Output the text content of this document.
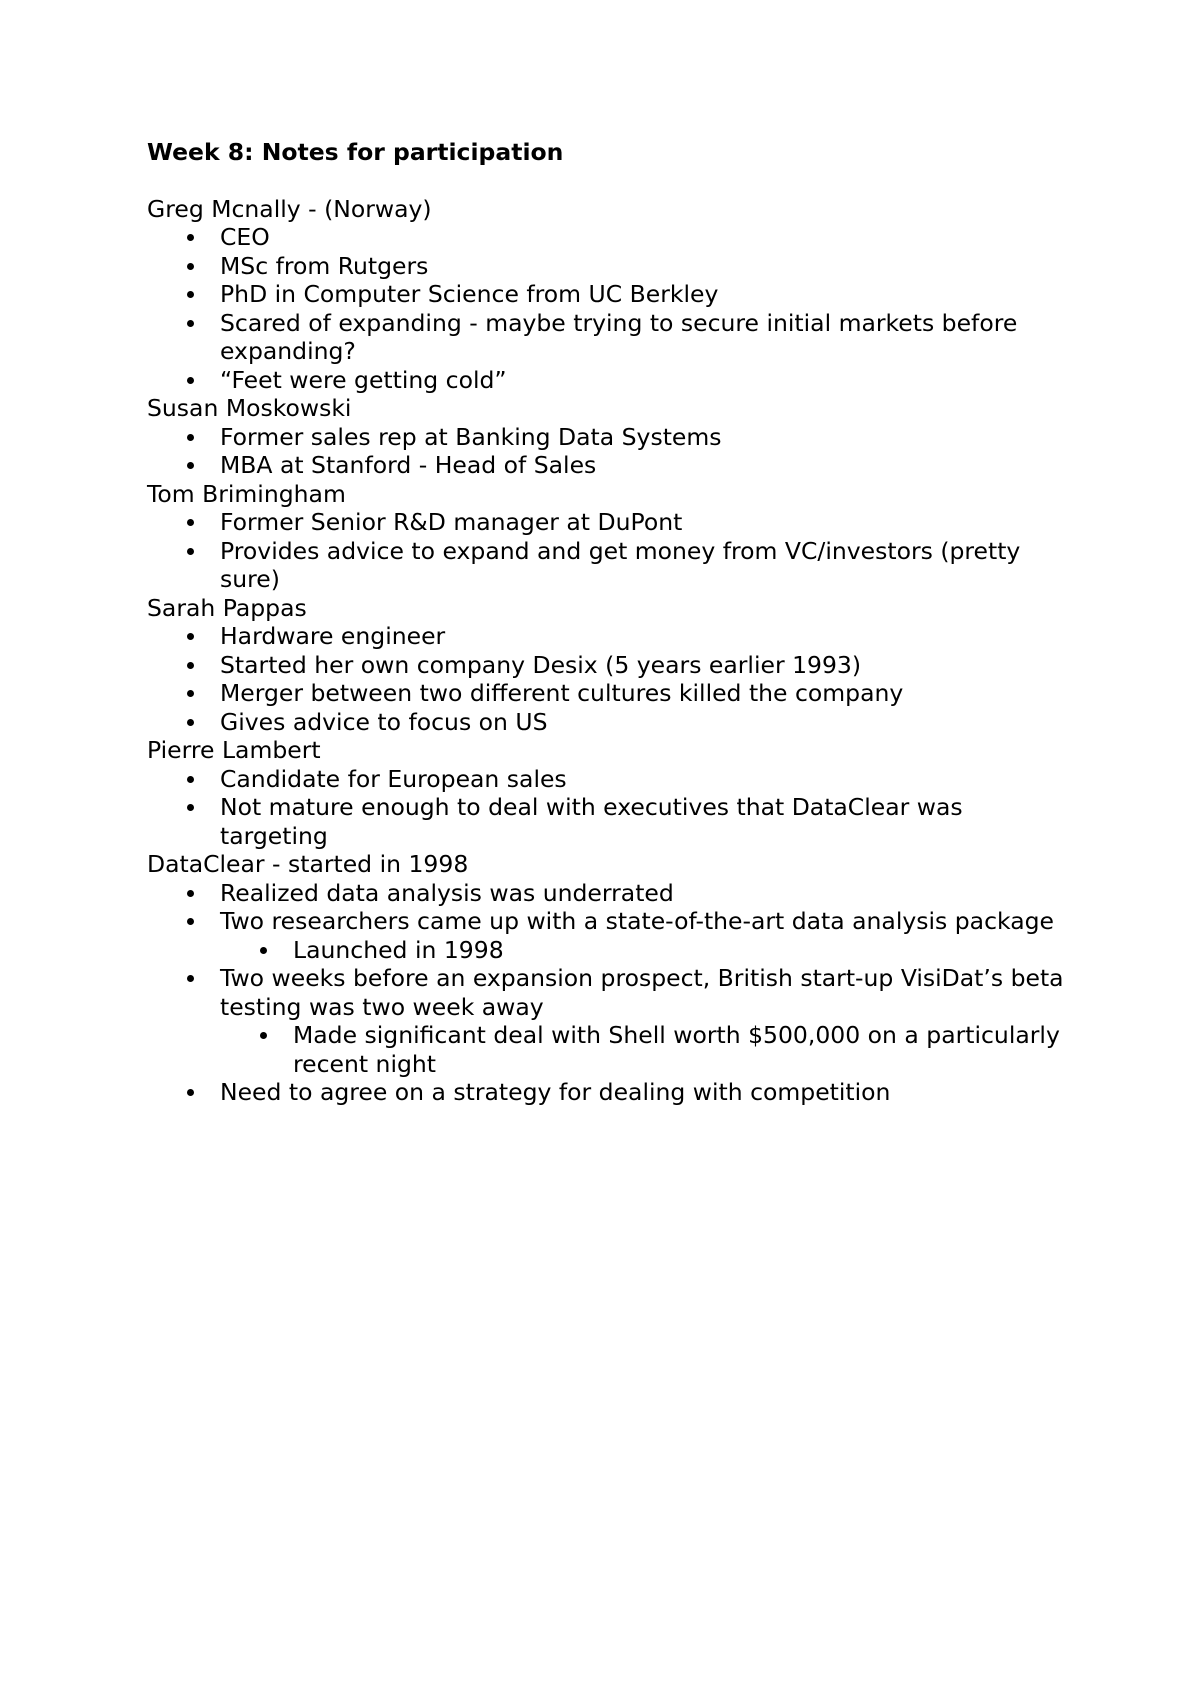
Week 8: Notes for participation
Greg Mcnally - (Norway)
CEO
MSc from Rutgers
PhD in Computer Science from UC Berkley
Scared of expanding - maybe trying to secure initial markets before expanding?
“Feet were getting cold”
Susan Moskowski
Former sales rep at Banking Data Systems
MBA at Stanford - Head of Sales
Tom Brimingham
Former Senior R&D manager at DuPont
Provides advice to expand and get money from VC/investors (pretty sure)
Sarah Pappas
Hardware engineer
Started her own company Desix (5 years earlier 1993)
Merger between two different cultures killed the company
Gives advice to focus on US
Pierre Lambert
Candidate for European sales
Not mature enough to deal with executives that DataClear was targeting
DataClear - started in 1998
Realized data analysis was underrated
Two researchers came up with a state-of-the-art data analysis package
Launched in 1998
Two weeks before an expansion prospect, British start-up VisiDat’s beta testing was two week away
Made significant deal with Shell worth $500,000 on a particularly recent night
Need to agree on a strategy for dealing with competition
